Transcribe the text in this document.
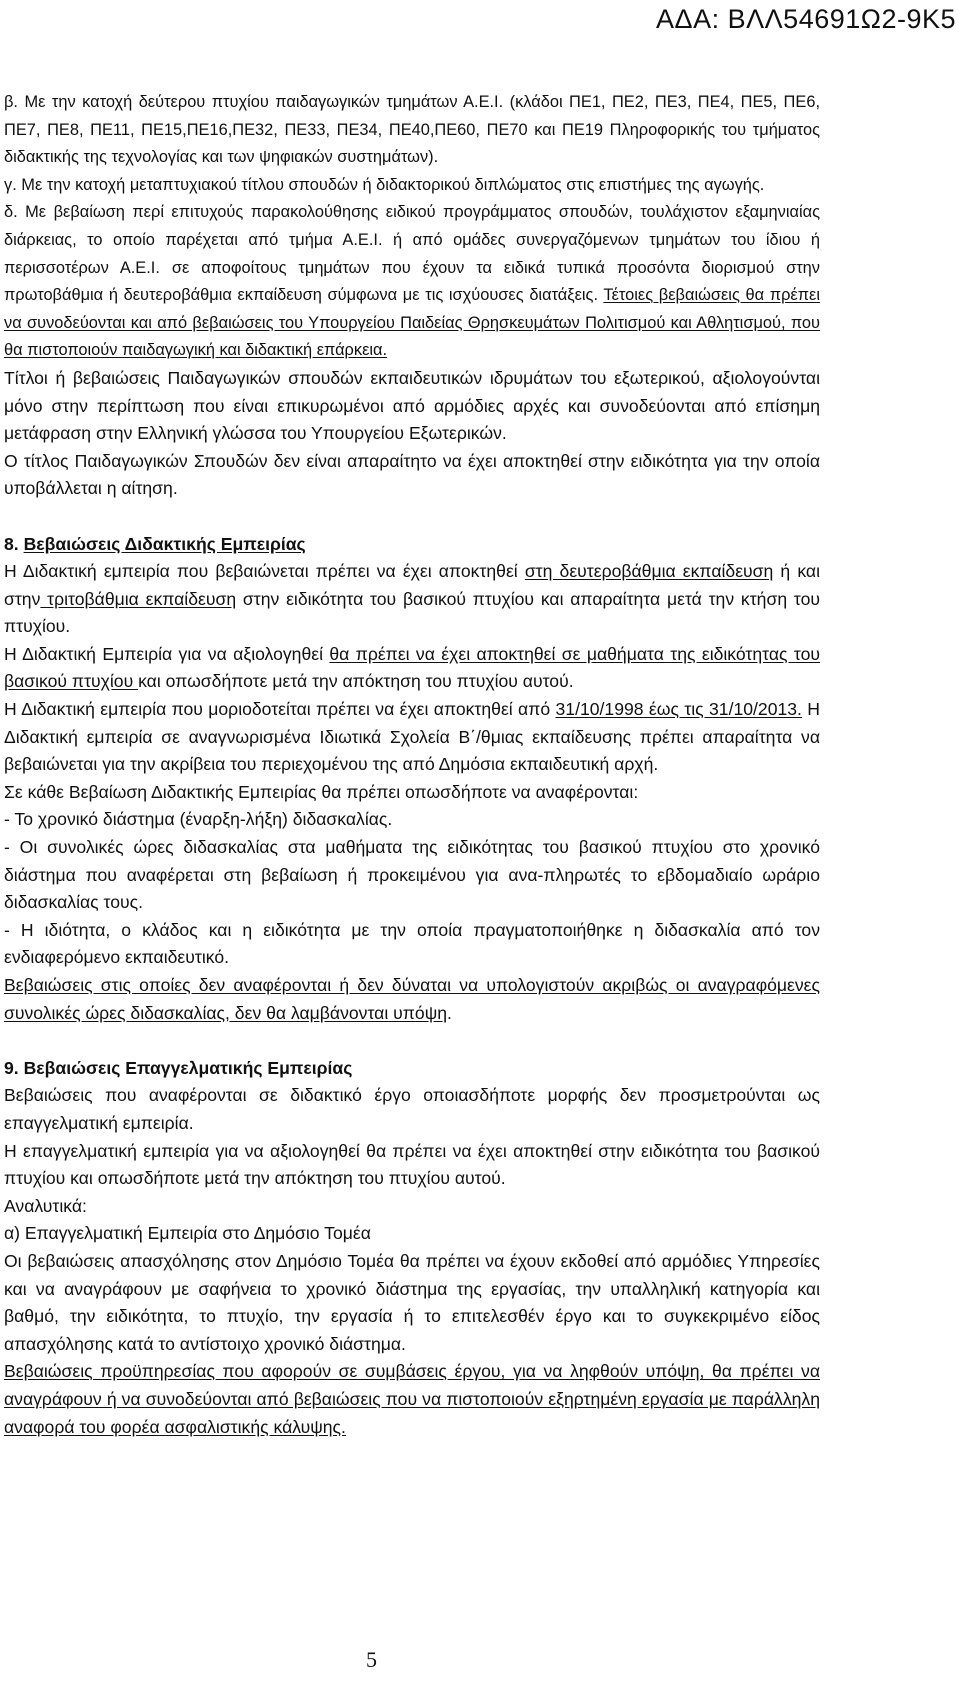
ΑΔΑ: ΒΛΛ54691Ω2-9Κ5

β. Με την κατοχή δεύτερου πτυχίου παιδαγωγικών τμημάτων Α.Ε.Ι. (κλάδοι ΠΕ1, ΠΕ2, ΠΕ3, ΠΕ4, ΠΕ5, ΠΕ6, ΠΕ7, ΠΕ8, ΠΕ11, ΠΕ15,ΠΕ16,ΠΕ32, ΠΕ33, ΠΕ34, ΠΕ40,ΠΕ60, ΠΕ70 και ΠΕ19 Πληροφορικής του τμήματος διδακτικής της τεχνολογίας και των ψηφιακών συστημάτων).

γ. Με την κατοχή μεταπτυχιακού τίτλου σπουδών ή διδακτορικού διπλώματος στις επιστήμες της αγωγής.

δ. Με βεβαίωση περί επιτυχούς παρακολούθησης ειδικού προγράμματος σπουδών, τουλάχιστον εξαμηνιαίας διάρκειας, το οποίο παρέχεται από τμήμα Α.Ε.Ι. ή από ομάδες συνεργαζόμενων τμημάτων του ίδιου ή περισσοτέρων Α.Ε.Ι. σε αποφοίτους τμημάτων που έχουν τα ειδικά τυπικά προσόντα διορισμού στην πρωτοβάθμια ή δευτεροβάθμια εκπαίδευση σύμφωνα με τις ισχύουσες διατάξεις. Τέτοιες βεβαιώσεις θα πρέπει να συνοδεύονται και από βεβαιώσεις του Υπουργείου Παιδείας Θρησκευμάτων Πολιτισμού και Αθλητισμού, που θα πιστοποιούν παιδαγωγική και διδακτική επάρκεια.

Τίτλοι ή βεβαιώσεις Παιδαγωγικών σπουδών εκπαιδευτικών ιδρυμάτων του εξωτερικού, αξιολογούνται μόνο στην περίπτωση που είναι επικυρωμένοι από αρμόδιες αρχές και συνοδεύονται από επίσημη μετάφραση στην Ελληνική γλώσσα του Υπουργείου Εξωτερικών.

Ο τίτλος Παιδαγωγικών Σπουδών δεν είναι απαραίτητο να έχει αποκτηθεί στην ειδικότητα για την οποία υποβάλλεται η αίτηση.

8. Βεβαιώσεις Διδακτικής Εμπειρίας

Η Διδακτική εμπειρία που βεβαιώνεται πρέπει να έχει αποκτηθεί στη δευτεροβάθμια εκπαίδευση ή και στην τριτοβάθμια εκπαίδευση στην ειδικότητα του βασικού πτυχίου και απαραίτητα μετά την κτήση του πτυχίου.

Η Διδακτική Εμπειρία για να αξιολογηθεί θα πρέπει να έχει αποκτηθεί σε μαθήματα της ειδικότητας του βασικού πτυχίου και οπωσδήποτε μετά την απόκτηση του πτυχίου αυτού.

Η Διδακτική εμπειρία που μοριοδοτείται πρέπει να έχει αποκτηθεί από 31/10/1998 έως τις 31/10/2013. Η Διδακτική εμπειρία σε αναγνωρισμένα Ιδιωτικά Σχολεία Β΄/θμιας εκπαίδευσης πρέπει απαραίτητα να βεβαιώνεται για την ακρίβεια του περιεχομένου της από Δημόσια εκπαιδευτική αρχή.

Σε κάθε Βεβαίωση Διδακτικής Εμπειρίας θα πρέπει οπωσδήποτε να αναφέρονται:

- Το χρονικό διάστημα (έναρξη-λήξη) διδασκαλίας.

- Οι συνολικές ώρες διδασκαλίας στα μαθήματα της ειδικότητας του βασικού πτυχίου στο χρονικό διάστημα που αναφέρεται στη βεβαίωση ή προκειμένου για ανα-πληρωτές το εβδομαδιαίο ωράριο διδασκαλίας τους.

- Η ιδιότητα, ο κλάδος και η ειδικότητα με την οποία πραγματοποιήθηκε η διδασκαλία από τον ενδιαφερόμενο εκπαιδευτικό.

Βεβαιώσεις στις οποίες δεν αναφέρονται ή δεν δύναται να υπολογιστούν ακριβώς οι αναγραφόμενες συνολικές ώρες διδασκαλίας, δεν θα λαμβάνονται υπόψη.

9. Βεβαιώσεις Επαγγελματικής Εμπειρίας

Βεβαιώσεις που αναφέρονται σε διδακτικό έργο οποιασδήποτε μορφής δεν προσμετρούνται ως επαγγελματική εμπειρία.

Η επαγγελματική εμπειρία για να αξιολογηθεί θα πρέπει να έχει αποκτηθεί στην ειδικότητα του βασικού πτυχίου και οπωσδήποτε μετά την απόκτηση του πτυχίου αυτού.

Αναλυτικά:

α) Επαγγελματική Εμπειρία στο Δημόσιο Τομέα

Οι βεβαιώσεις απασχόλησης στον Δημόσιο Τομέα θα πρέπει να έχουν εκδοθεί από αρμόδιες Υπηρεσίες και να αναγράφουν με σαφήνεια το χρονικό διάστημα της εργασίας, την υπαλληλική κατηγορία και βαθμό, την ειδικότητα, το πτυχίο, την εργασία ή το επιτελεσθέν έργο και το συγκεκριμένο είδος απασχόλησης κατά το αντίστοιχο χρονικό διάστημα.

Βεβαιώσεις προϋπηρεσίας που αφορούν σε συμβάσεις έργου, για να ληφθούν υπόψη, θα πρέπει να αναγράφουν ή να συνοδεύονται από βεβαιώσεις που να πιστοποιούν εξηρτημένη εργασία με παράλληλη αναφορά του φορέα ασφαλιστικής κάλυψης.

5
